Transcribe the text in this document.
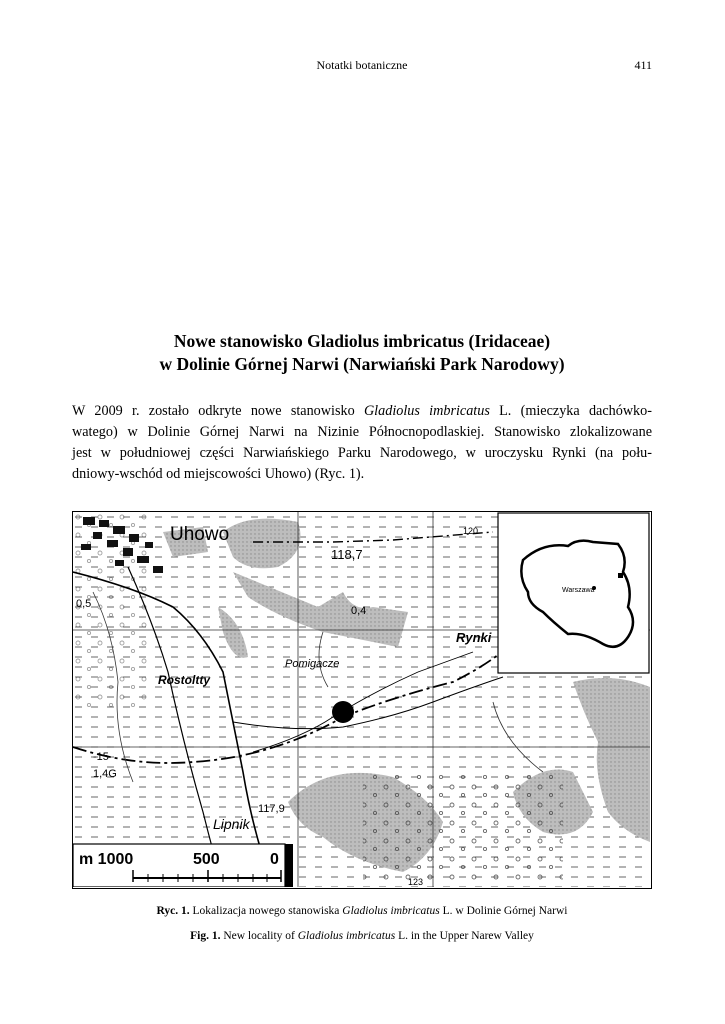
Notatki botaniczne	411
Nowe stanowisko Gladiolus imbricatus (Iridaceae)
w Dolinie Górnej Narwi (Narwiański Park Narodowy)
W 2009 r. zostało odkryte nowe stanowisko Gladiolus imbricatus L. (mieczyka dachówko-
watego) w Dolinie Górnej Narwi na Nizinie Północnopodlaskiej. Stanowisko zlokalizowane
jest w południowej części Narwiańskiego Parku Narodowego, w uroczysku Rynki (na połu-
dniowy-wschód od miejscowości Uhowo) (Ryc. 1).
Uhowo
Rynki
Pomigacze
Rostoltty
Lipnik
118,7
117,9
0,5
-15
1,4G
0,4
120
123
Warszawa
m 1000	500	0
Ryc. 1. Lokalizacja nowego stanowiska Gladiolus imbricatus L. w Dolinie Górnej Narwi
Fig. 1. New locality of Gladiolus imbricatus L. in the Upper Narew Valley
